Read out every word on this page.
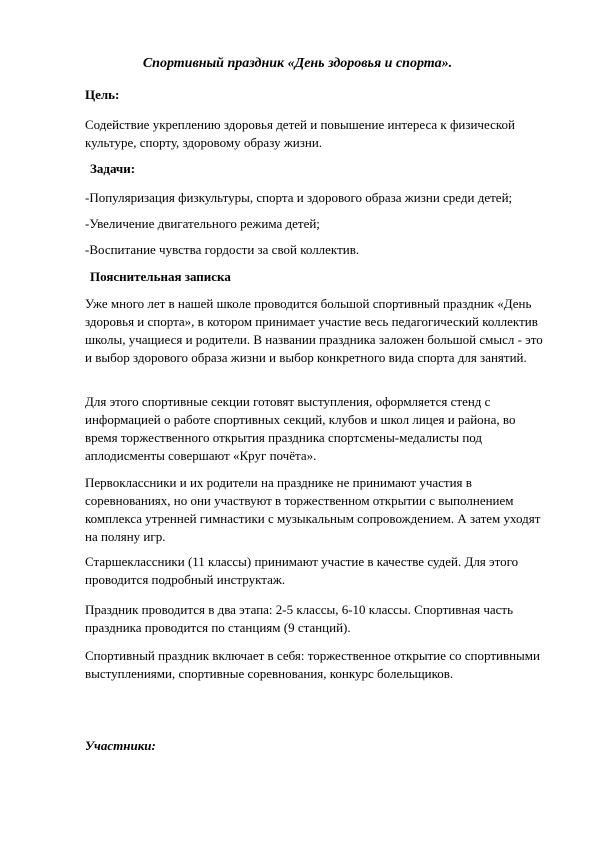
Спортивный праздник «День здоровья и спорта».
Цель:
Содействие укреплению здоровья детей и повышение интереса к физической культуре, спорту, здоровому образу жизни.
Задачи:
-Популяризация физкультуры, спорта и здорового образа жизни среди детей;
-Увеличение двигательного режима детей;
-Воспитание чувства гордости за свой коллектив.
Пояснительная записка
Уже много лет в нашей школе проводится большой спортивный праздник «День здоровья и спорта», в котором принимает участие весь педагогический коллектив школы, учащиеся и родители. В названии праздника заложен большой смысл - это и выбор здорового образа жизни и выбор конкретного вида спорта для занятий.
Для этого спортивные секции готовят выступления, оформляется стенд с информацией о работе спортивных секций, клубов и школ лицея и района, во время торжественного открытия праздника спортсмены-медалисты под аплодисменты совершают «Круг почёта».
Первоклассники и их родители на празднике не принимают участия в соревнованиях, но они участвуют в торжественном открытии с выполнением комплекса утренней гимнастики с музыкальным сопровождением. А затем уходят на поляну игр.
Старшеклассники (11 классы) принимают участие в качестве судей. Для этого проводится подробный инструктаж.
Праздник проводится в два этапа: 2-5 классы, 6-10 классы. Спортивная часть праздника проводится по станциям (9 станций).
Спортивный праздник включает в себя: торжественное открытие со спортивными выступлениями, спортивные соревнования, конкурс болельщиков.
Участники:
